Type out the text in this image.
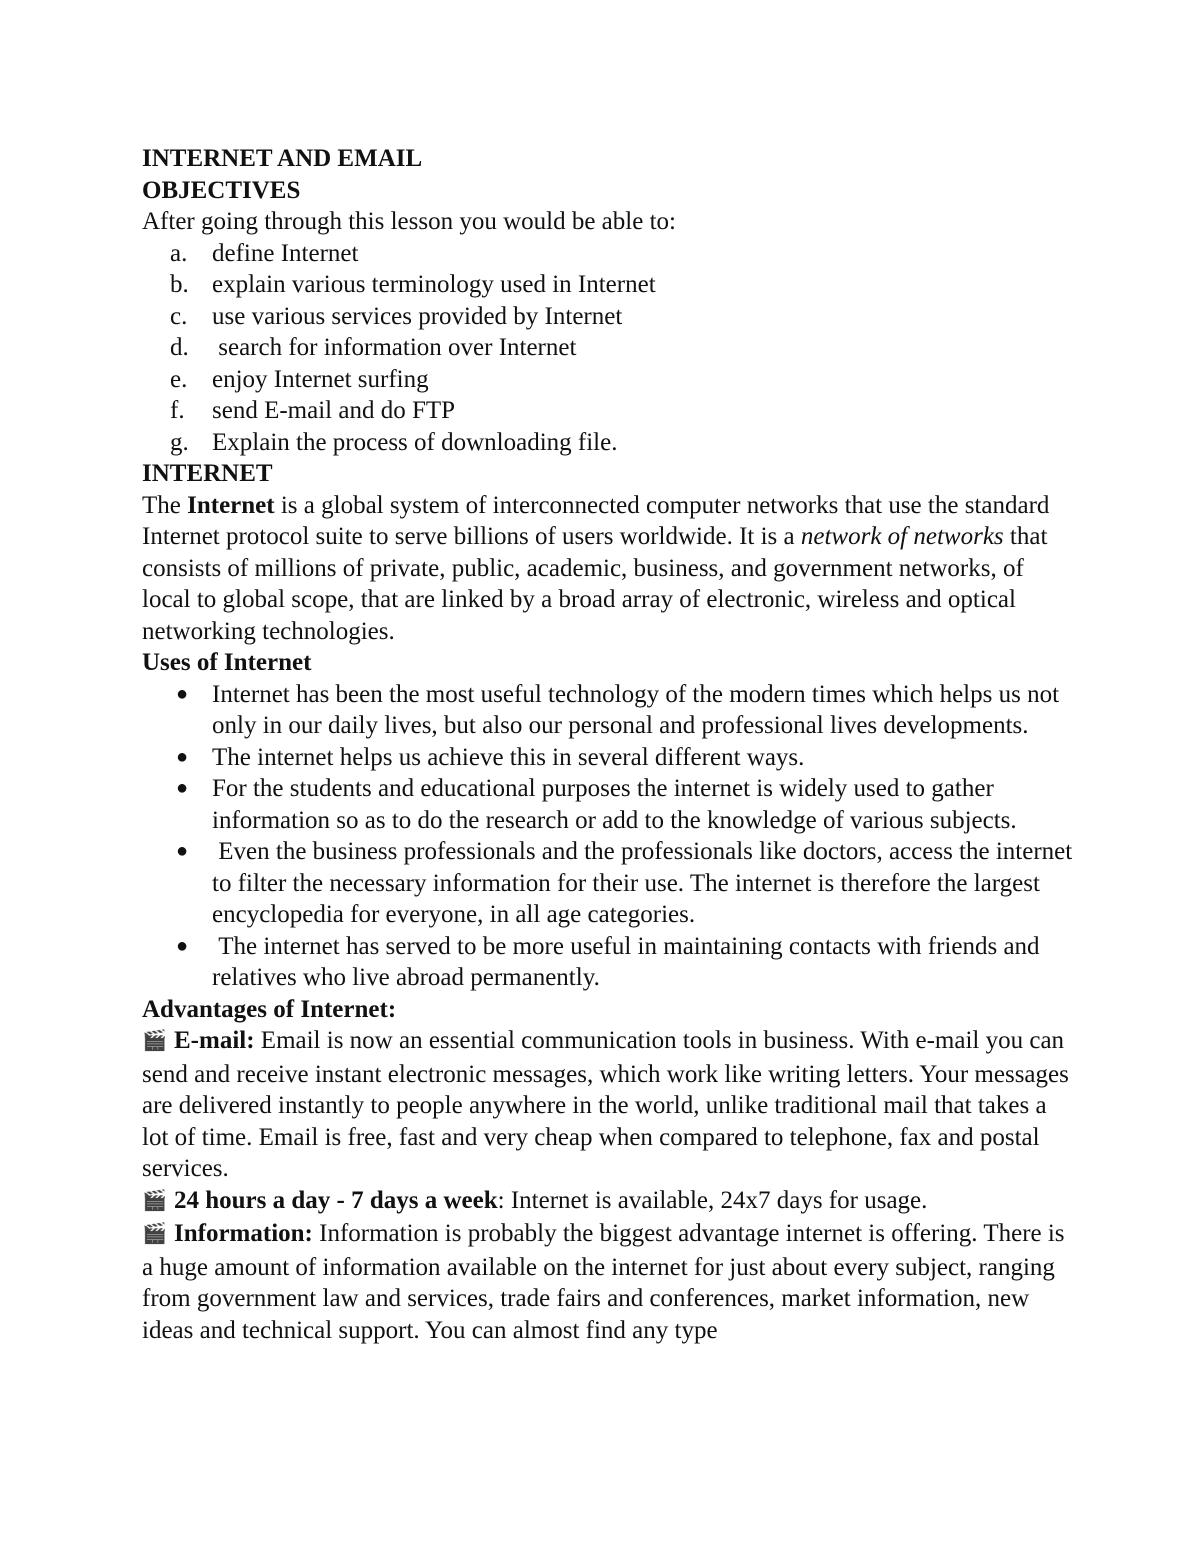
INTERNET AND EMAIL

OBJECTIVES

After going through this lesson you would be able to:

a. define Internet
b. explain various terminology used in Internet
c. use various services provided by Internet
d. search for information over Internet
e. enjoy Internet surfing
f.	send E-mail and do FTP
g. Explain the process of downloading file.

INTERNET

The Internet is a global system of interconnected computer networks that use the standard Internet protocol suite to serve billions of users worldwide. It is a network of networks that consists of millions of private, public, academic, business, and government networks, of local to global scope, that are linked by a broad array of electronic, wireless and optical networking technologies.

Uses of Internet

● Internet has been the most useful technology of the modern times which helps us not only in our daily lives, but also our personal and professional lives developments.
● The internet helps us achieve this in several different ways.
● For the students and educational purposes the internet is widely used to gather information so as to do the research or add to the knowledge of various subjects.
● Even the business professionals and the professionals like doctors, access the internet to filter the necessary information for their use. The internet is therefore the largest encyclopedia for everyone, in all age categories.
● The internet has served to be more useful in maintaining contacts with friends and relatives who live abroad permanently.

Advantages of Internet:

🎬 E-mail: Email is now an essential communication tools in business. With e-mail you can send and receive instant electronic messages, which work like writing letters. Your messages are delivered instantly to people anywhere in the world, unlike traditional mail that takes a lot of time. Email is free, fast and very cheap when compared to telephone, fax and postal services.

🎬 24 hours a day - 7 days a week: Internet is available, 24x7 days for usage.

🎬 Information: Information is probably the biggest advantage internet is offering. There is a huge amount of information available on the internet for just about every subject, ranging from government law and services, trade fairs and conferences, market information, new ideas and technical support. You can almost find any type
